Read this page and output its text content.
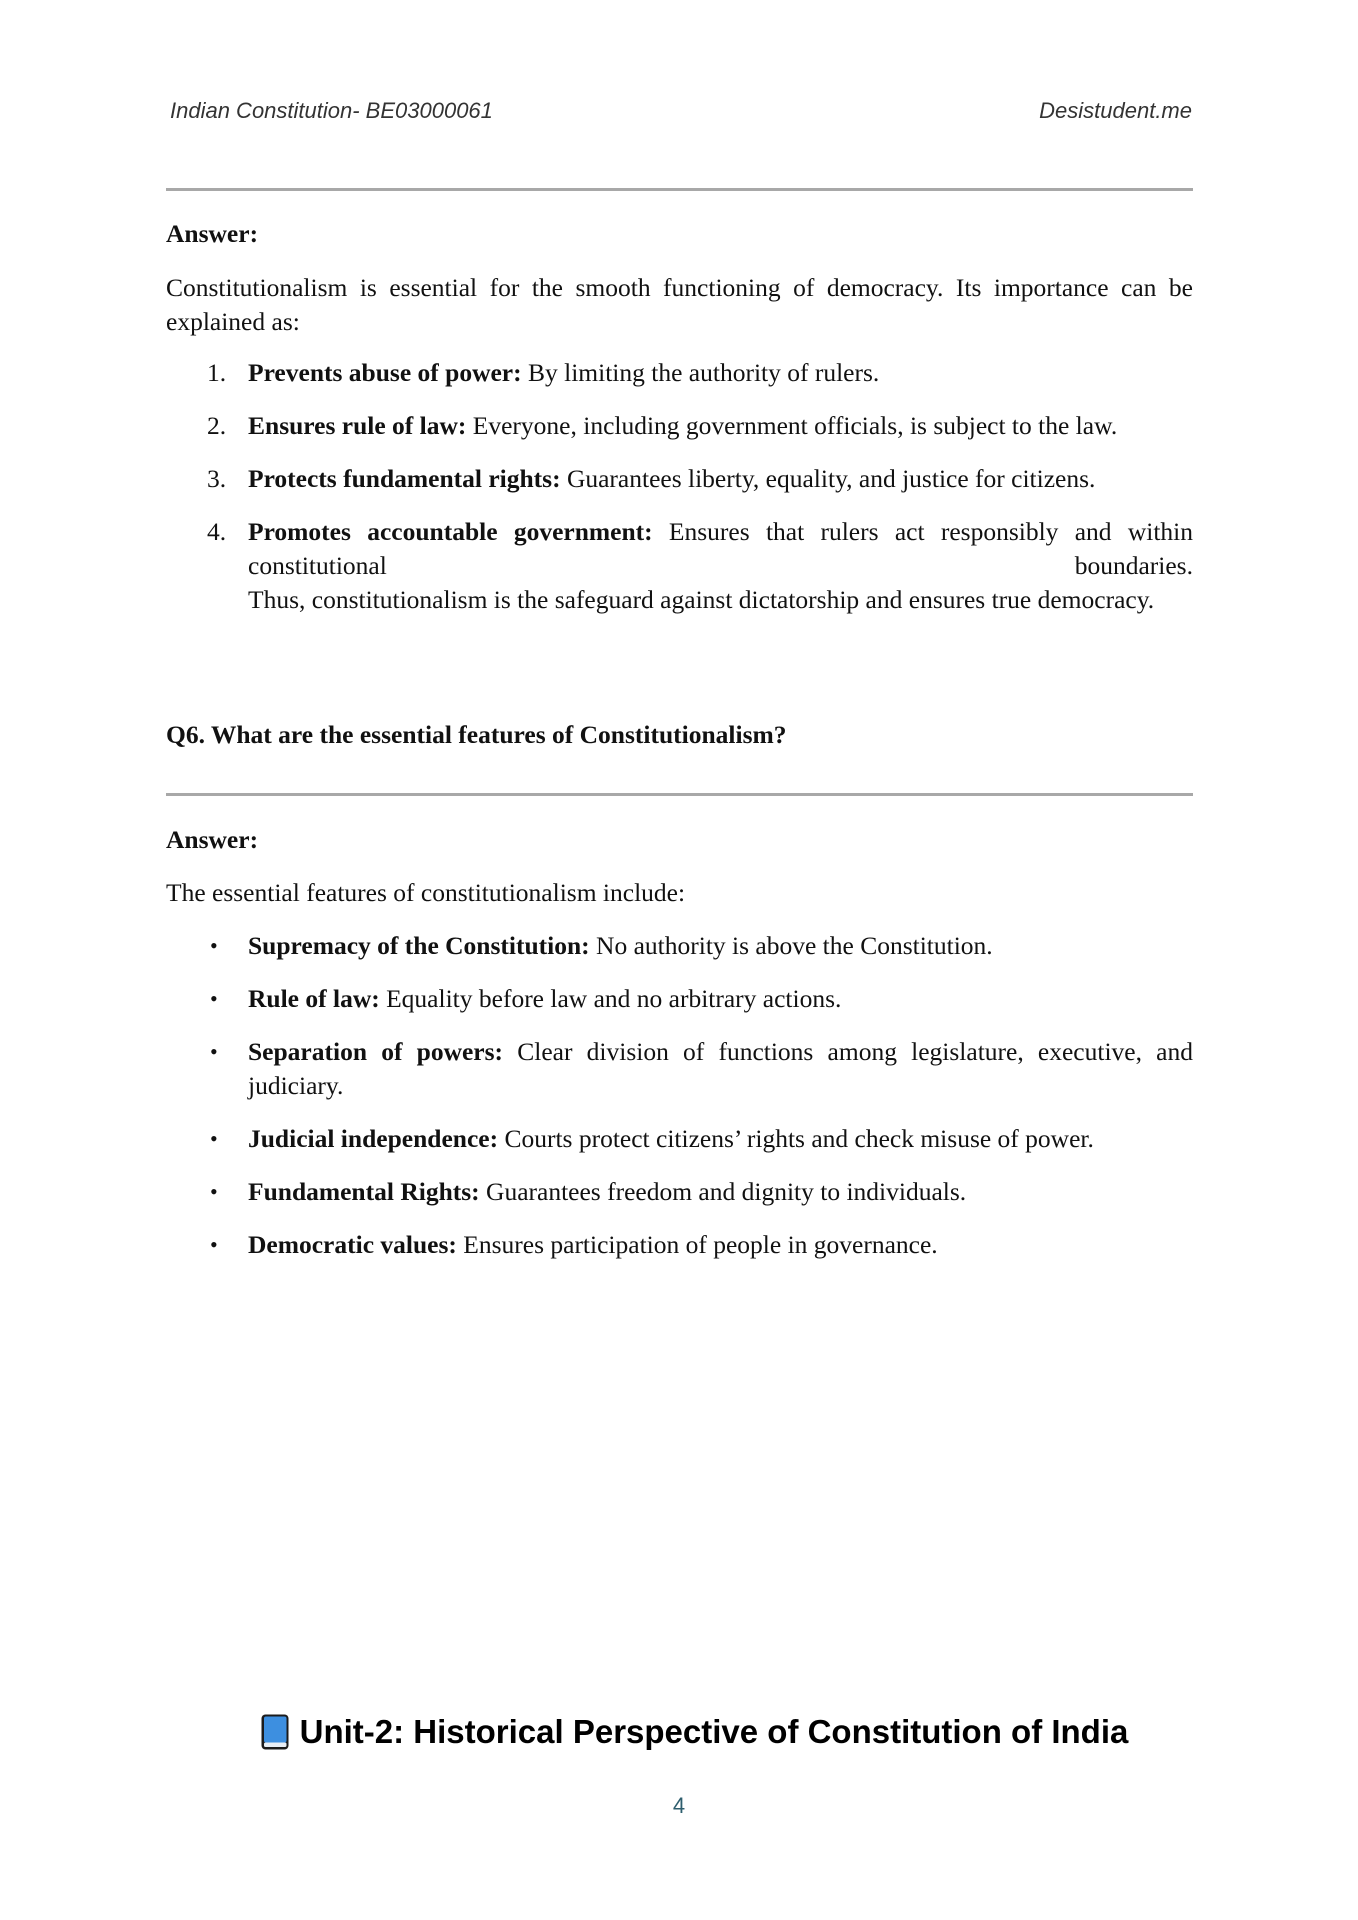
Indian Constitution- BE03000061	Desistudent.me
Answer:
Constitutionalism is essential for the smooth functioning of democracy. Its importance can be explained as:
1. Prevents abuse of power: By limiting the authority of rulers.
2. Ensures rule of law: Everyone, including government officials, is subject to the law.
3. Protects fundamental rights: Guarantees liberty, equality, and justice for citizens.
4. Promotes accountable government: Ensures that rulers act responsibly and within constitutional boundaries.
Thus, constitutionalism is the safeguard against dictatorship and ensures true democracy.
Q6. What are the essential features of Constitutionalism?
Answer:
The essential features of constitutionalism include:
• Supremacy of the Constitution: No authority is above the Constitution.
• Rule of law: Equality before law and no arbitrary actions.
• Separation of powers: Clear division of functions among legislature, executive, and judiciary.
• Judicial independence: Courts protect citizens’ rights and check misuse of power.
• Fundamental Rights: Guarantees freedom and dignity to individuals.
• Democratic values: Ensures participation of people in governance.
Unit-2: Historical Perspective of Constitution of India
4
